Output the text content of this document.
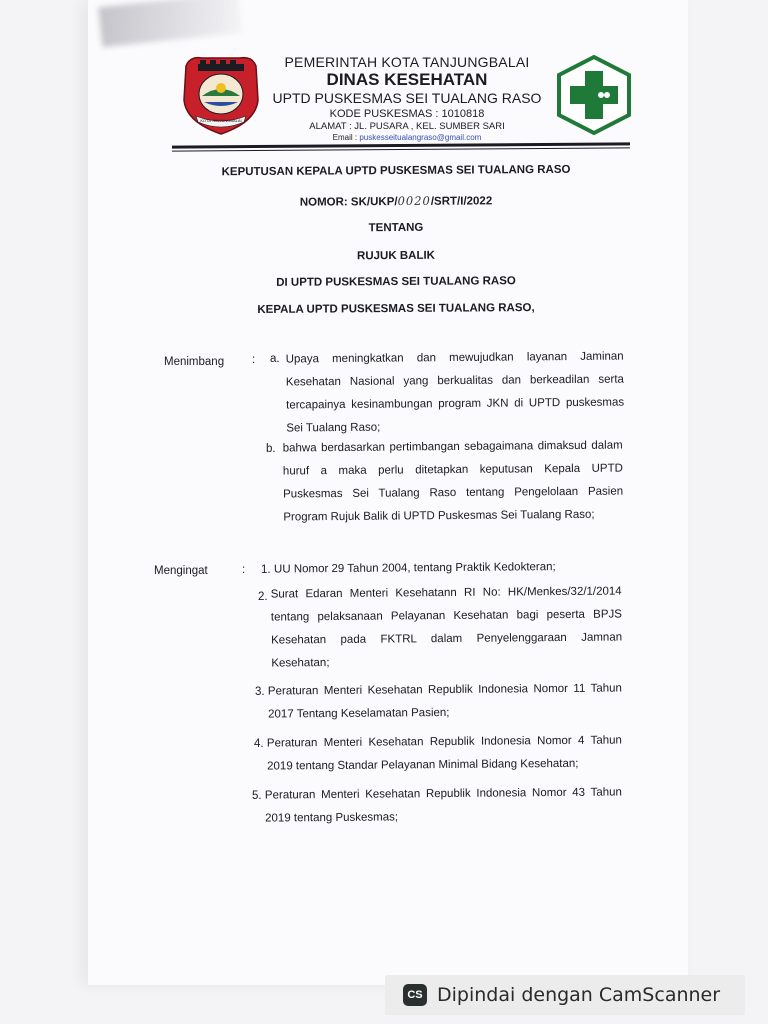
KOTA TANJUNGBALAI
PEMERINTAH KOTA TANJUNGBALAI
DINAS KESEHATAN
UPTD PUSKESMAS SEI TUALANG RASO
KODE PUSKESMAS : 1010818
ALAMAT : JL. PUSARA , KEL. SUMBER SARI
Email : puskesseitualangraso@gmail.com
KEPUTUSAN KEPALA UPTD PUSKESMAS SEI TUALANG RASO
NOMOR: SK/UKP/0020/SRT/I/2022
TENTANG
RUJUK BALIK
DI UPTD PUSKESMAS SEI TUALANG RASO
KEPALA UPTD PUSKESMAS SEI TUALANG RASO,
Menimbang : a. Upaya meningkatkan dan mewujudkan layanan Jaminan Kesehatan Nasional yang berkualitas dan berkeadilan serta tercapainya kesinambungan program JKN di UPTD puskesmas Sei Tualang Raso;
b. bahwa berdasarkan pertimbangan sebagaimana dimaksud dalam huruf a maka perlu ditetapkan keputusan Kepala UPTD Puskesmas Sei Tualang Raso tentang Pengelolaan Pasien Program Rujuk Balik di UPTD Puskesmas Sei Tualang Raso;
Mengingat	: 1. UU Nomor 29 Tahun 2004, tentang Praktik Kedokteran;
2. Surat Edaran Menteri Kesehatann RI No: HK/Menkes/32/1/2014 tentang pelaksanaan Pelayanan Kesehatan bagi peserta BPJS Kesehatan pada FKTRL dalam Penyelenggaraan Jamnan Kesehatan;
3. Peraturan Menteri Kesehatan Republik Indonesia Nomor 11 Tahun 2017 Tentang Keselamatan Pasien;
4. Peraturan Menteri Kesehatan Republik Indonesia Nomor 4 Tahun 2019 tentang Standar Pelayanan Minimal Bidang Kesehatan;
5. Peraturan Menteri Kesehatan Republik Indonesia Nomor 43 Tahun 2019 tentang Puskesmas;
CS Dipindai dengan CamScanner
